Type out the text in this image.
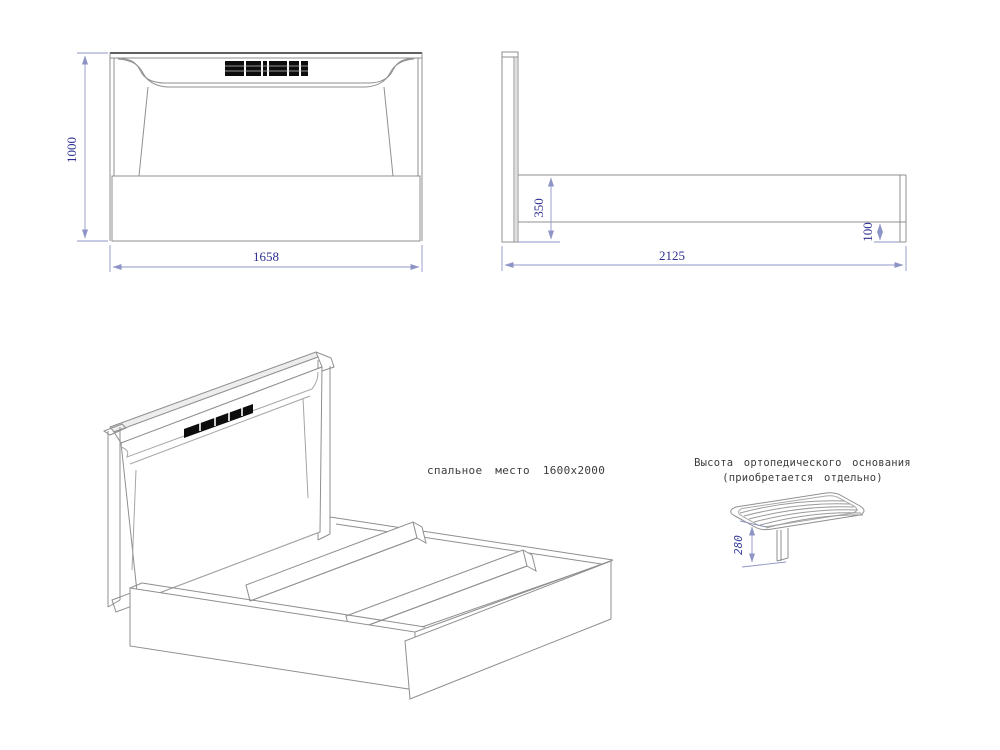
1000
1658
350
100
2125
280
спальное место 1600x2000
Высота ортопедического основания
(приобретается отдельно)
